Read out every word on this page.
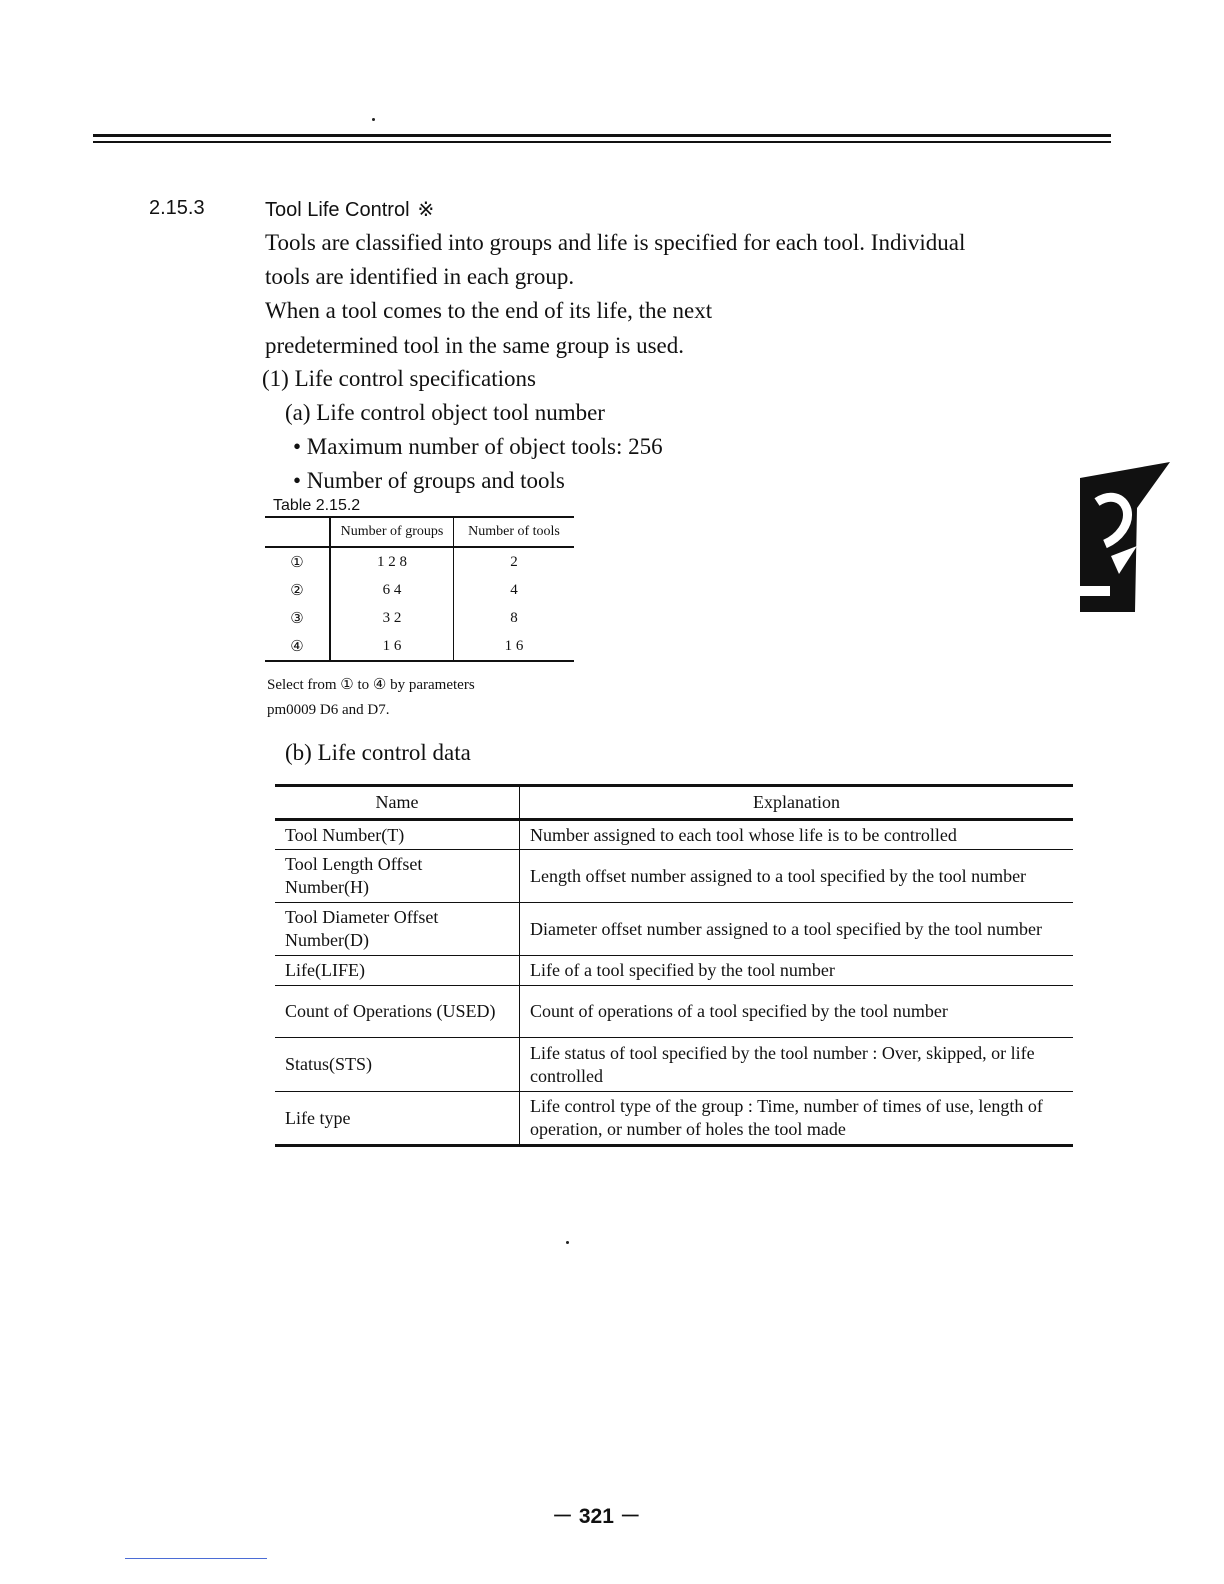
2.15.3	Tool Life Control ※
Tools are classified into groups and life is specified for each tool. Individual
tools are identified in each group.
When a tool comes to the end of its life, the next
predetermined tool in the same group is used.
(1) Life control specifications
(a) Life control object tool number
• Maximum number of object tools: 256
• Number of groups and tools
Table 2.15.2
	Number of groups	Number of tools
①	1 2 8	2
②	6 4	4
③	3 2	8
④	1 6	1 6
Select from ① to ④ by parameters
pm0009 D6 and D7.
(b) Life control data
Name	Explanation
Tool Number(T)	Number assigned to each tool whose life is to be controlled
Tool Length Offset Number(H)	Length offset number assigned to a tool specified by the tool number
Tool Diameter Offset Number(D)	Diameter offset number assigned to a tool specified by the tool number
Life(LIFE)	Life of a tool specified by the tool number
Count of Operations (USED)	Count of operations of a tool specified by the tool number
Status(STS)	Life status of tool specified by the tool number : Over, skipped, or life controlled
Life type	Life control type of the group : Time, number of times of use, length of operation, or number of holes the tool made
－ 321 －
